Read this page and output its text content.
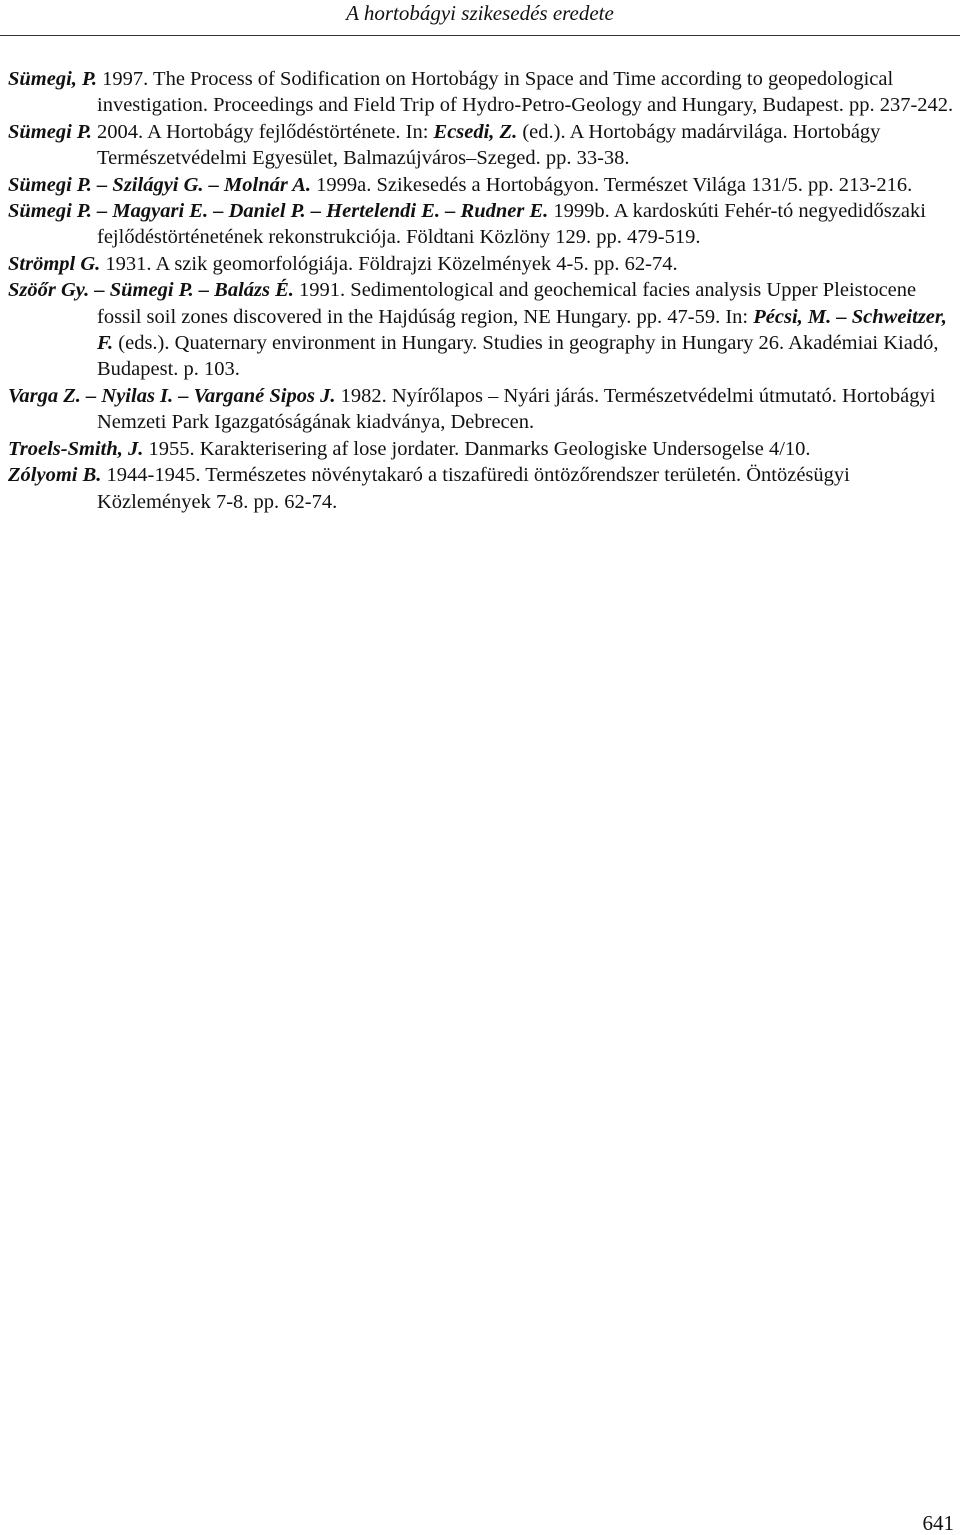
A hortobágyi szikesedés eredete

Sümegi, P. 1997. The Process of Sodification on Hortobágy in Space and Time according to geopedological investigation. Proceedings and Field Trip of Hydro-Petro-Geology and Hungary, Budapest. pp. 237-242.

Sümegi P. 2004. A Hortobágy fejlődéstörténete. In: Ecsedi, Z. (ed.). A Hortobágy madárvilága. Hortobágy Természetvédelmi Egyesület, Balmazújváros–Szeged. pp. 33-38.

Sümegi P. – Szilágyi G. – Molnár A. 1999a. Szikesedés a Hortobágyon. Természet Világa 131/5. pp. 213-216.

Sümegi P. – Magyari E. – Daniel P. – Hertelendi E. – Rudner E. 1999b. A kardoskúti Fehér-tó negyedidőszaki fejlődéstörténetének rekonstrukciója. Földtani Közlöny 129. pp. 479-519.

Strömpl G. 1931. A szik geomorfológiája. Földrajzi Közelmények 4-5. pp. 62-74.

Szöőr Gy. – Sümegi P. – Balázs É. 1991. Sedimentological and geochemical facies analysis Upper Pleistocene fossil soil zones discovered in the Hajdúság region, NE Hungary. pp. 47-59. In: Pécsi, M. – Schweitzer, F. (eds.). Quaternary environment in Hungary. Studies in geography in Hungary 26. Akadémiai Kiadó, Budapest. p. 103.

Varga Z. – Nyilas I. – Vargané Sipos J. 1982. Nyírőlapos – Nyári járás. Természetvédelmi útmutató. Hortobágyi Nemzeti Park Igazgatóságának kiadványa, Debrecen.

Troels-Smith, J. 1955. Karakterisering af lose jordater. Danmarks Geologiske Undersogelse 4/10.

Zólyomi B. 1944-1945. Természetes növénytakaró a tiszafüredi öntözőrendszer területén. Öntözésügyi Közlemények 7-8. pp. 62-74.

641
